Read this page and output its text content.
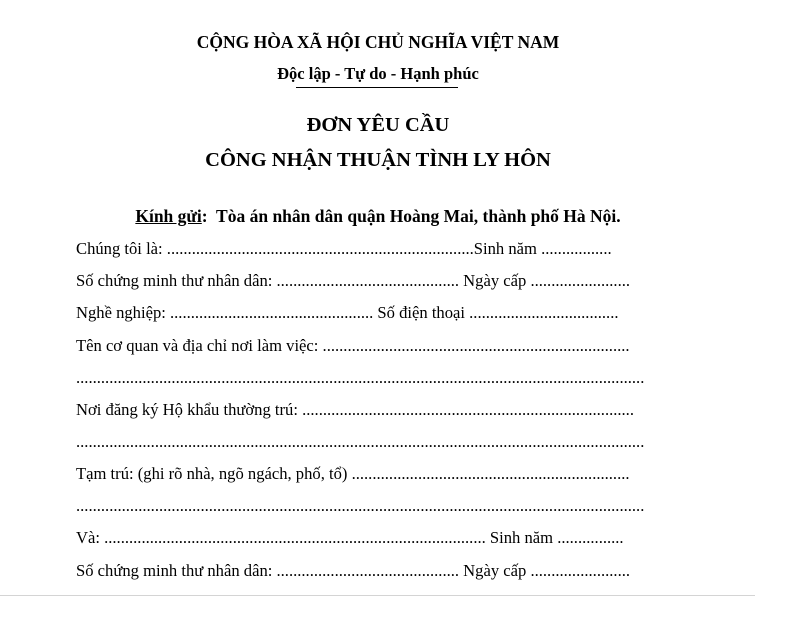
CỘNG HÒA XÃ HỘI CHỦ NGHĨA VIỆT NAM
Độc lập - Tự do - Hạnh phúc
ĐƠN YÊU CẦU
CÔNG NHẬN THUẬN TÌNH LY HÔN
Kính gửi:  Tòa án nhân dân quận Hoàng Mai, thành phố Hà Nội.
Chúng tôi là: ..........................................................................Sinh năm .................
Số chứng minh thư nhân dân: ............................................ Ngày cấp ........................
Nghề nghiệp: ................................................. Số điện thoại ....................................
Tên cơ quan và địa chỉ nơi làm việc: ..........................................................................
.........................................................................................................................................
Nơi đăng ký Hộ khẩu thường trú: ................................................................................
.........................................................................................................................................
Tạm trú: (ghi rõ nhà, ngõ ngách, phố, tổ) ...................................................................
.........................................................................................................................................
Và: ............................................................................................ Sinh năm ................
Số chứng minh thư nhân dân: ............................................ Ngày cấp ........................
